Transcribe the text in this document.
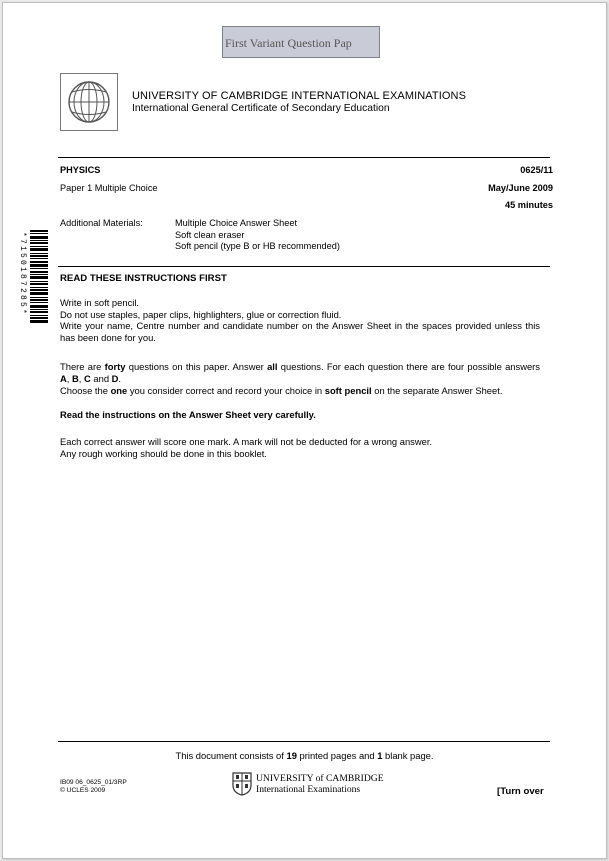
First Variant Question Pap
UNIVERSITY OF CAMBRIDGE INTERNATIONAL EXAMINATIONS
International General Certificate of Secondary Education
PHYSICS	0625/11
Paper 1 Multiple Choice	May/June 2009
45 minutes
Additional Materials:	Multiple Choice Answer Sheet
Soft clean eraser
Soft pencil (type B or HB recommended)
*7150187285*	READ THESE INSTRUCTIONS FIRST
Write in soft pencil.
Do not use staples, paper clips, highlighters, glue or correction fluid.
Write your name, Centre number and candidate number on the Answer Sheet in the spaces provided unless this has been done for you.
There are forty questions on this paper. Answer all questions. For each question there are four possible answers A, B, C and D.
Choose the one you consider correct and record your choice in soft pencil on the separate Answer Sheet.
Read the instructions on the Answer Sheet very carefully.
Each correct answer will score one mark. A mark will not be deducted for a wrong answer.
Any rough working should be done in this booklet.
This document consists of 19 printed pages and 1 blank page.
IB09 06_0625_01/3RP
© UCLES 2009
UNIVERSITY of CAMBRIDGE
International Examinations	[Turn over
